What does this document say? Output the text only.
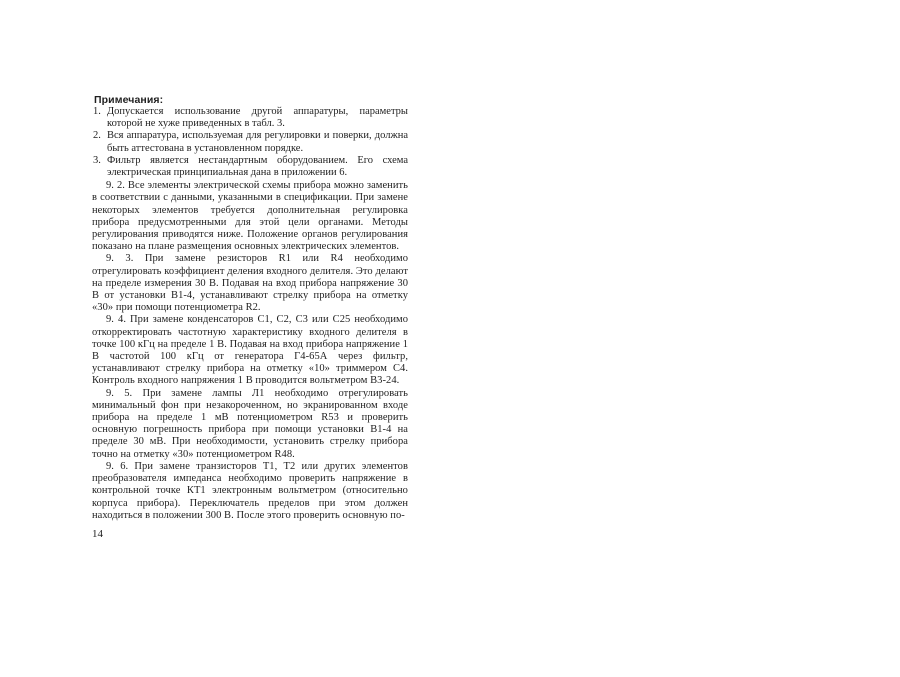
Примечания:
1. Допускается использование другой аппаратуры, параметры которой не хуже приведенных в табл. 3.
2. Вся аппаратура, используемая для регулировки и поверки, должна быть аттестована в установленном порядке.
3. Фильтр является нестандартным оборудованием. Его схема электрическая принципиальная дана в приложении 6.

9. 2. Все элементы электрической схемы прибора можно заменить в соответствии с данными, указанными в спецификации. При замене некоторых элементов требуется дополнительная регулировка прибора предусмотренными для этой цели органами. Методы регулирования приводятся ниже. Положение органов регулирования показано на плане размещения основных электрических элементов.

9. 3. При замене резисторов R1 или R4 необходимо отрегулировать коэффициент деления входного делителя. Это делают на пределе измерения 30 В. Подавая на вход прибора напряжение 30 В от установки В1-4, устанавливают стрелку прибора на отметку «30» при помощи потенциометра R2.

9. 4. При замене конденсаторов С1, С2, С3 или С25 необходимо откорректировать частотную характеристику входного делителя в точке 100 кГц на пределе 1 В. Подавая на вход прибора напряжение 1 В частотой 100 кГц от генератора Г4-65А через фильтр, устанавливают стрелку прибора на отметку «10» триммером С4. Контроль входного напряжения 1 В проводится вольтметром В3-24.

9. 5. При замене лампы Л1 необходимо отрегулировать минимальный фон при незакороченном, но экранированном входе прибора на пределе 1 мВ потенциометром R53 и проверить основную погрешность прибора при помощи установки В1-4 на пределе 30 мВ. При необходимости, установить стрелку прибора точно на отметку «30» потенциометром R48.

9. 6. При замене транзисторов Т1, Т2 или других элементов преобразователя импеданса необходимо проверить напряжение в контрольной точке КТ1 электронным вольтметром (относительно корпуса прибора). Переключатель пределов при этом должен находиться в положении 300 В. После этого проверить основную по-

14
